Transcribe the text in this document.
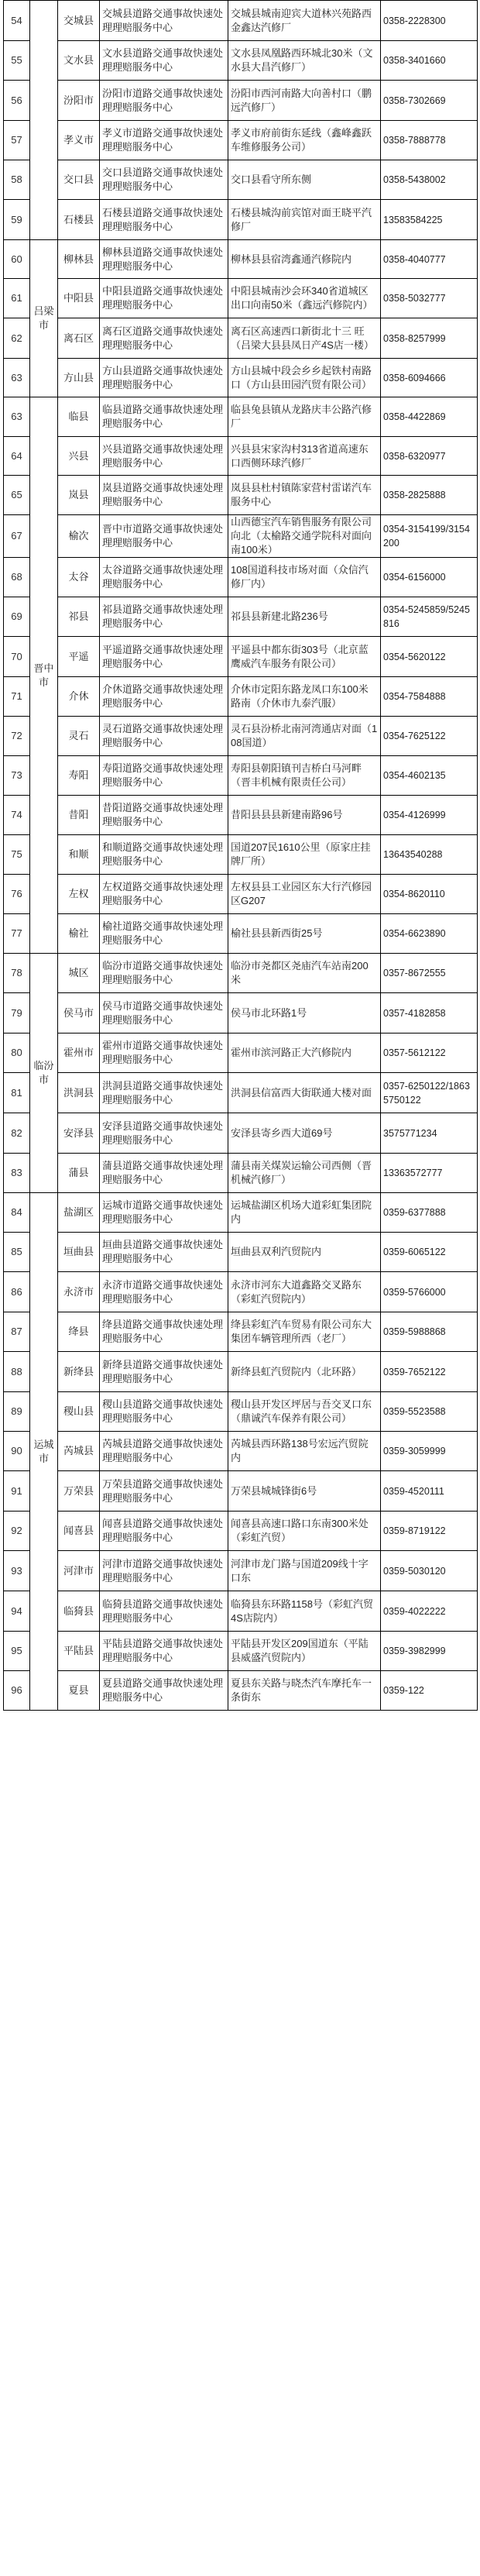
54		交城县	交城县道路交通事故快速处理理赔服务中心	交城县城南迎宾大道林兴苑路西金鑫达汽修厂	0358-2228300
55		文水县	文水县道路交通事故快速处理理赔服务中心	文水县凤凰路西环城北30米（文水县大昌汽修厂）	0358-3401660
56		汾阳市	汾阳市道路交通事故快速处理理赔服务中心	汾阳市西河南路大向善村口（鹏远汽修厂）	0358-7302669
57		孝义市	孝义市道路交通事故快速处理理赔服务中心	孝义市府前街东延线（鑫峰鑫跃车维修服务公司）	0358-7888778
58		交口县	交口县道路交通事故快速处理理赔服务中心	交口县看守所东侧	0358-5438002
59		石楼县	石楼县道路交通事故快速处理理赔服务中心	石楼县城沟前宾馆对面王晓平汽修厂	13583584225
60	吕梁市	柳林县	柳林县道路交通事故快速处理理赔服务中心	柳林县县宿湾鑫通汽修院内	0358-4040777
61		中阳县	中阳县道路交通事故快速处理理赔服务中心	中阳县城南沙会环340省道城区出口向南50米（鑫远汽修院内）	0358-5032777
62		离石区	离石区道路交通事故快速处理理赔服务中心	离石区高速西口新街北十三 旺（吕梁大县县凤日产4S店一楼）	0358-8257999
63		方山县	方山县道路交通事故快速处理理赔服务中心	方山县城中段会乡乡起铁村南路口（方山县田园汽贸有限公司）	0358-6094666
63	晋中市	临县	临县道路交通事故快速处理理赔服务中心	临县兔县镇从龙路庆丰公路汽修厂	0358-4422869
64		兴县	兴县道路交通事故快速处理理赔服务中心	兴县县宋家沟村313省道高速东口西侧环球汽修厂	0358-6320977
65		岚县	岚县道路交通事故快速处理理赔服务中心	岚县县杜村镇陈家营村雷诺汽车服务中心	0358-2825888
67		榆次	晋中市道路交通事故快速处理理赔服务中心	山西德宝汽车销售服务有限公司向北（太榆路交通学院科对面向南100米）	0354-3154199/3154200
68		太谷	太谷道路交通事故快速处理理赔服务中心	108国道科技市场对面（众信汽修厂内）	0354-6156000
69		祁县	祁县道路交通事故快速处理理赔服务中心	祁县县新建北路236号	0354-5245859/5245816
70		平遥	平遥道路交通事故快速处理理赔服务中心	平遥县中都东街303号（北京蓝鹰威汽车服务有限公司）	0354-5620122
71		介休	介休道路交通事故快速处理理赔服务中心	介休市定阳东路龙凤口东100米路南（介休市九泰汽服）	0354-7584888
72		灵石	灵石道路交通事故快速处理理赔服务中心	灵石县汾桥北南河湾通店对面（108国道）	0354-7625122
73		寿阳	寿阳道路交通事故快速处理理赔服务中心	寿阳县朝阳镇刊吉桥白马河畔（晋丰机械有限责任公司）	0354-4602135
74		昔阳	昔阳道路交通事故快速处理理赔服务中心	昔阳县县县新建南路96号	0354-4126999
75		和顺	和顺道路交通事故快速处理理赔服务中心	国道207民1610公里（原家庄挂牌厂所）	13643540288
76		左权	左权道路交通事故快速处理理赔服务中心	左权县县工业园区东大行汽修园区G207	0354-8620110
77		榆社	榆社道路交通事故快速处理理赔服务中心	榆社县县新西街25号	0354-6623890
78	临汾市	城区	临汾市道路交通事故快速处理理赔服务中心	临汾市尧都区尧庙汽车站南200米	0357-8672555
79		侯马市	侯马市道路交通事故快速处理理赔服务中心	侯马市北环路1号	0357-4182858
80		霍州市	霍州市道路交通事故快速处理理赔服务中心	霍州市滨河路正大汽修院内	0357-5612122
81		洪洞县	洪洞县道路交通事故快速处理理赔服务中心	洪洞县信富西大街联通大楼对面	0357-6250122/18635750122
82		安泽县	安泽县道路交通事故快速处理理赔服务中心	安泽县寄乡西大道69号	3575771234
83		蒲县	蒲县道路交通事故快速处理理赔服务中心	蒲县南关煤炭运输公司西侧（晋机械汽修厂）	13363572777
84	运城市	盐湖区	运城市道路交通事故快速处理理赔服务中心	运城盐湖区机场大道彩虹集团院内	0359-6377888
85		垣曲县	垣曲县道路交通事故快速处理理赔服务中心	垣曲县双利汽贸院内	0359-6065122
86		永济市	永济市道路交通事故快速处理理赔服务中心	永济市河东大道鑫路交叉路东（彩虹汽贸院内）	0359-5766000
87		绛县	绛县道路交通事故快速处理理赔服务中心	绛县彩虹汽车贸易有限公司东大集团车辆管理所西（老厂）	0359-5988868
88		新绛县	新绛县道路交通事故快速处理理赔服务中心	新绛县虹汽贸院内（北环路）	0359-7652122
89		稷山县	稷山县道路交通事故快速处理理赔服务中心	稷山县开发区坪居与吾交叉口东（鼎诚汽车保养有限公司）	0359-5523588
90		芮城县	芮城县道路交通事故快速处理理赔服务中心	芮城县西环路138号宏远汽贸院内	0359-3059999
91		万荣县	万荣县道路交通事故快速处理理赔服务中心	万荣县城城锋街6号	0359-4520111
92		闻喜县	闻喜县道路交通事故快速处理理赔服务中心	闻喜县高速口路口东南300米处（彩虹汽贸）	0359-8719122
93		河津市	河津市道路交通事故快速处理理赔服务中心	河津市龙门路与国道209线十字口东	0359-5030120
94		临猗县	临猗县道路交通事故快速处理理赔服务中心	临猗县东环路1158号（彩虹汽贸4S店院内）	0359-4022222
95		平陆县	平陆县道路交通事故快速处理理赔服务中心	平陆县开发区209国道东（平陆县威盛汽贸院内）	0359-3982999
96		夏县	夏县道路交通事故快速处理理赔服务中心	夏县东关路与晓杰汽车摩托车一条街东	0359-122
